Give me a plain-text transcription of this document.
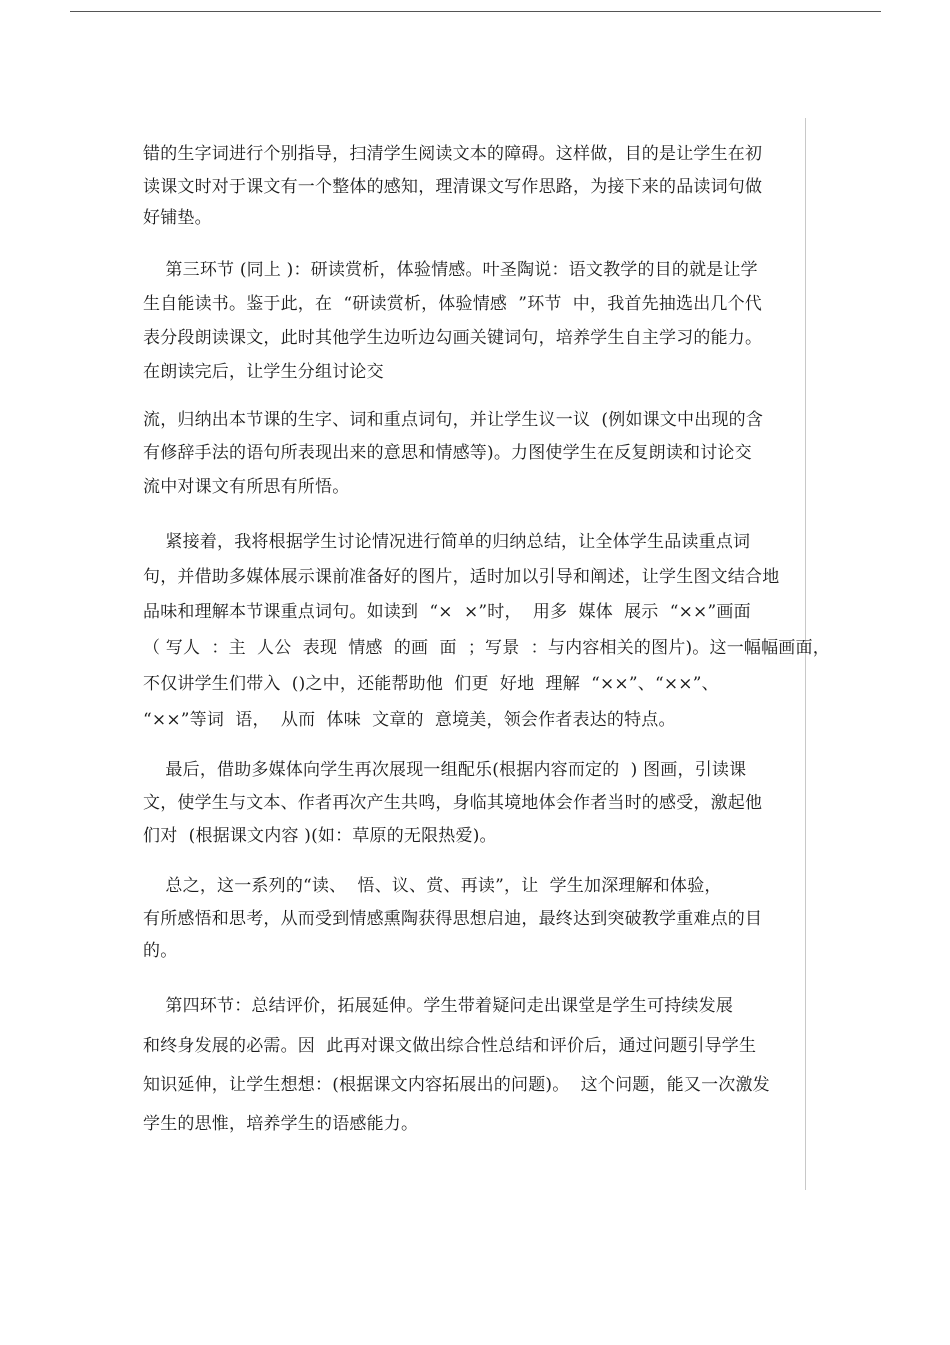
错的生字词进行个别指导，扫清学生阅读文本的障碍。这样做，目的是让学生在初

读课文时对于课文有一个整体的感知，理清课文写作思路，为接下来的品读词句做

好铺垫。

第三环节 (同上 )：研读赏析，体验情感。叶圣陶说：语文教学的目的就是让学

生自能读书。鉴于此，在  “研读赏析，体验情感  ”环节  中，我首先抽选出几个代

表分段朗读课文，此时其他学生边听边勾画关键词句，培养学生自主学习的能力。

在朗读完后，让学生分组讨论交

流，归纳出本节课的生字、词和重点词句，并让学生议一议  (例如课文中出现的含

有修辞手法的语句所表现出来的意思和情感等)。力图使学生在反复朗读和讨论交

流中对课文有所思有所悟。

紧接着，我将根据学生讨论情况进行简单的归纳总结，让全体学生品读重点词

句，并借助多媒体展示课前准备好的图片，适时加以引导和阐述，让学生图文结合地

品味和理解本节课重点词句。如读到  “×  ×”时，  用多  媒体  展示  “××”画面

（ 写人  ：主  人公  表现  情感  的画  面  ；写景  ：与内容相关的图片)。这一幅幅画面，

不仅讲学生们带入  ()之中，还能帮助他  们更  好地  理解  “××”、“××”、

“××”等词  语，  从而  体味  文章的  意境美，领会作者表达的特点。

最后，借助多媒体向学生再次展现一组配乐(根据内容而定的  ) 图画，引读课

文，使学生与文本、作者再次产生共鸣，身临其境地体会作者当时的感受，激起他

们对  (根据课文内容 )(如：草原的无限热爱)。

总之，这一系列的“读、  悟、议、赏、再读”，让  学生加深理解和体验，

有所感悟和思考，从而受到情感熏陶获得思想启迪，最终达到突破教学重难点的目

的。

第四环节：总结评价，拓展延伸。学生带着疑问走出课堂是学生可持续发展

和终身发展的必需。因  此再对课文做出综合性总结和评价后，通过问题引导学生

知识延伸，让学生想想：(根据课文内容拓展出的问题)。  这个问题，能又一次激发

学生的思惟，培养学生的语感能力。
